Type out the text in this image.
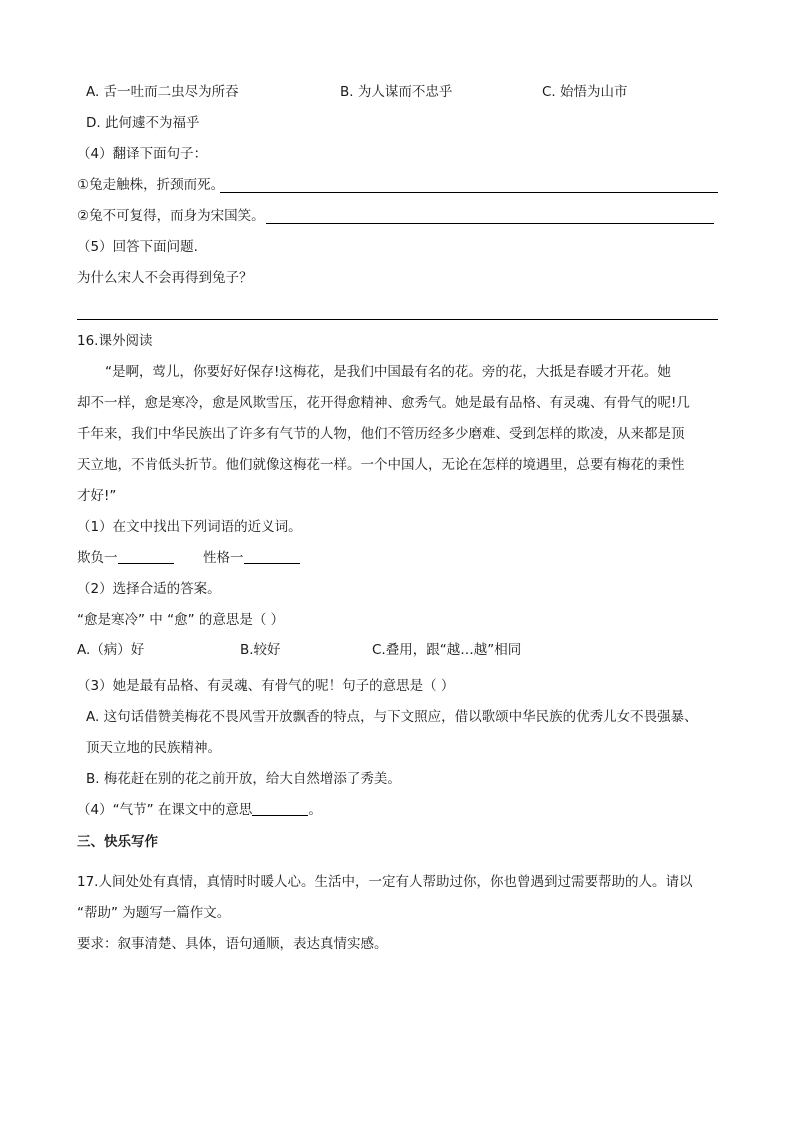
A. 舌一吐而二虫尽为所吞	B. 为人谋而不忠乎	C. 始悟为山市
D. 此何遽不为福乎
（4）翻译下面句子：
①兔走触株，折颈而死。
②兔不可复得，而身为宋国笑。
（5）回答下面问题.
为什么宋人不会再得到兔子？
16.课外阅读
“是啊，莺儿，你要好好保存!这梅花，是我们中国最有名的花。旁的花，大抵是春暖才开花。她
却不一样，愈是寒冷，愈是风欺雪压，花开得愈精神、愈秀气。她是最有品格、有灵魂、有骨气的呢!几
千年来，我们中华民族出了许多有气节的人物，他们不管历经多少磨难、受到怎样的欺凌，从来都是顶
天立地，不肯低头折节。他们就像这梅花一样。一个中国人，无论在怎样的境遇里，总要有梅花的秉性
才好!”
（1）在文中找出下列词语的近义词。
欺负一	性格一
（2）选择合适的答案。
“愈是寒冷” 中 “愈” 的意思是（ ）
A.（病）好	B.较好	C.叠用，跟“越…越”相同
（3）她是最有品格、有灵魂、有骨气的呢！句子的意思是（ ）
A. 这句话借赞美梅花不畏风雪开放飘香的特点，与下文照应，借以歌颂中华民族的优秀儿女不畏强暴、
顶天立地的民族精神。
B. 梅花赶在别的花之前开放，给大自然增添了秀美。
（4）“气节” 在课文中的意思	。
三、快乐写作
17.人间处处有真情，真情时时暖人心。生活中，一定有人帮助过你，你也曾遇到过需要帮助的人。请以
“帮助” 为题写一篇作文。
要求：叙事清楚、具体，语句通顺，表达真情实感。
